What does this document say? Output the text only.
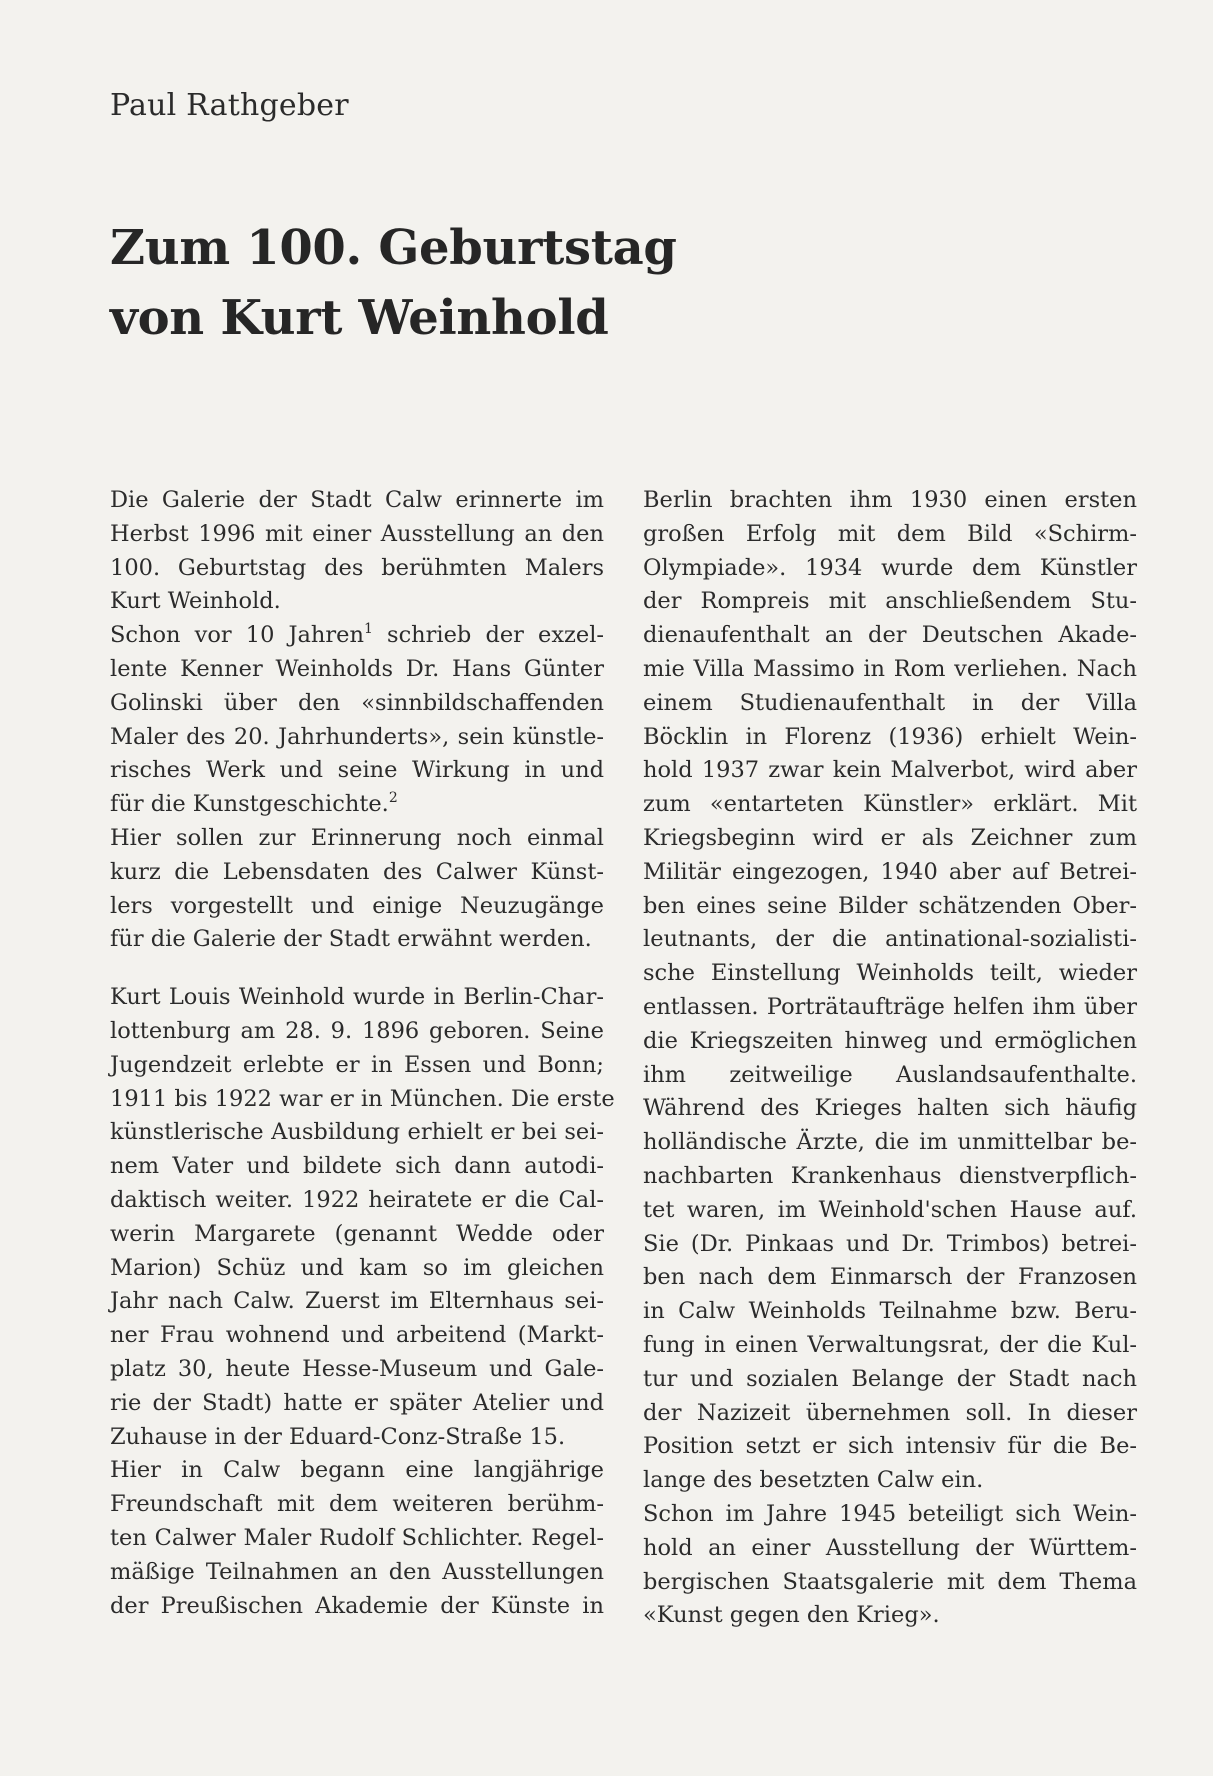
Paul Rathgeber
Zum 100. Geburtstag
von Kurt Weinhold
Die Galerie der Stadt Calw erinnerte im
Herbst 1996 mit einer Ausstellung an den
100. Geburtstag des berühmten Malers
Kurt Weinhold.
Schon vor 10 Jahren$^1$ schrieb der exzel-
lente Kenner Weinholds Dr. Hans Günter
Golinski über den «sinnbildschaffenden
Maler des 20. Jahrhunderts», sein künstle-
risches Werk und seine Wirkung in und
für die Kunstgeschichte.$^2$
Hier sollen zur Erinnerung noch einmal
kurz die Lebensdaten des Calwer Künst-
lers vorgestellt und einige Neuzugänge
für die Galerie der Stadt erwähnt werden.
Kurt Louis Weinhold wurde in Berlin-Char-
lottenburg am 28. 9. 1896 geboren. Seine
Jugendzeit erlebte er in Essen und Bonn;
1911 bis 1922 war er in München. Die erste
künstlerische Ausbildung erhielt er bei sei-
nem Vater und bildete sich dann autodi-
daktisch weiter. 1922 heiratete er die Cal-
werin Margarete (genannt Wedde oder
Marion) Schüz und kam so im gleichen
Jahr nach Calw. Zuerst im Elternhaus sei-
ner Frau wohnend und arbeitend (Markt-
platz 30, heute Hesse-Museum und Gale-
rie der Stadt) hatte er später Atelier und
Zuhause in der Eduard-Conz-Straße 15.
Hier in Calw begann eine langjährige
Freundschaft mit dem weiteren berühm-
ten Calwer Maler Rudolf Schlichter. Regel-
mäßige Teilnahmen an den Ausstellungen
der Preußischen Akademie der Künste in
Berlin brachten ihm 1930 einen ersten
großen Erfolg mit dem Bild «Schirm-
Olympiade». 1934 wurde dem Künstler
der Rompreis mit anschließendem Stu-
dienaufenthalt an der Deutschen Akade-
mie Villa Massimo in Rom verliehen. Nach
einem Studienaufenthalt in der Villa
Böcklin in Florenz (1936) erhielt Wein-
hold 1937 zwar kein Malverbot, wird aber
zum «entarteten Künstler» erklärt. Mit
Kriegsbeginn wird er als Zeichner zum
Militär eingezogen, 1940 aber auf Betrei-
ben eines seine Bilder schätzenden Ober-
leutnants, der die antinational-sozialisti-
sche Einstellung Weinholds teilt, wieder
entlassen. Porträtaufträge helfen ihm über
die Kriegszeiten hinweg und ermöglichen
ihm zeitweilige Auslandsaufenthalte.
Während des Krieges halten sich häufig
holländische Ärzte, die im unmittelbar be-
nachbarten Krankenhaus dienstverpflich-
tet waren, im Weinhold'schen Hause auf.
Sie (Dr. Pinkaas und Dr. Trimbos) betrei-
ben nach dem Einmarsch der Franzosen
in Calw Weinholds Teilnahme bzw. Beru-
fung in einen Verwaltungsrat, der die Kul-
tur und sozialen Belange der Stadt nach
der Nazizeit übernehmen soll. In dieser
Position setzt er sich intensiv für die Be-
lange des besetzten Calw ein.
Schon im Jahre 1945 beteiligt sich Wein-
hold an einer Ausstellung der Württem-
bergischen Staatsgalerie mit dem Thema
«Kunst gegen den Krieg».
